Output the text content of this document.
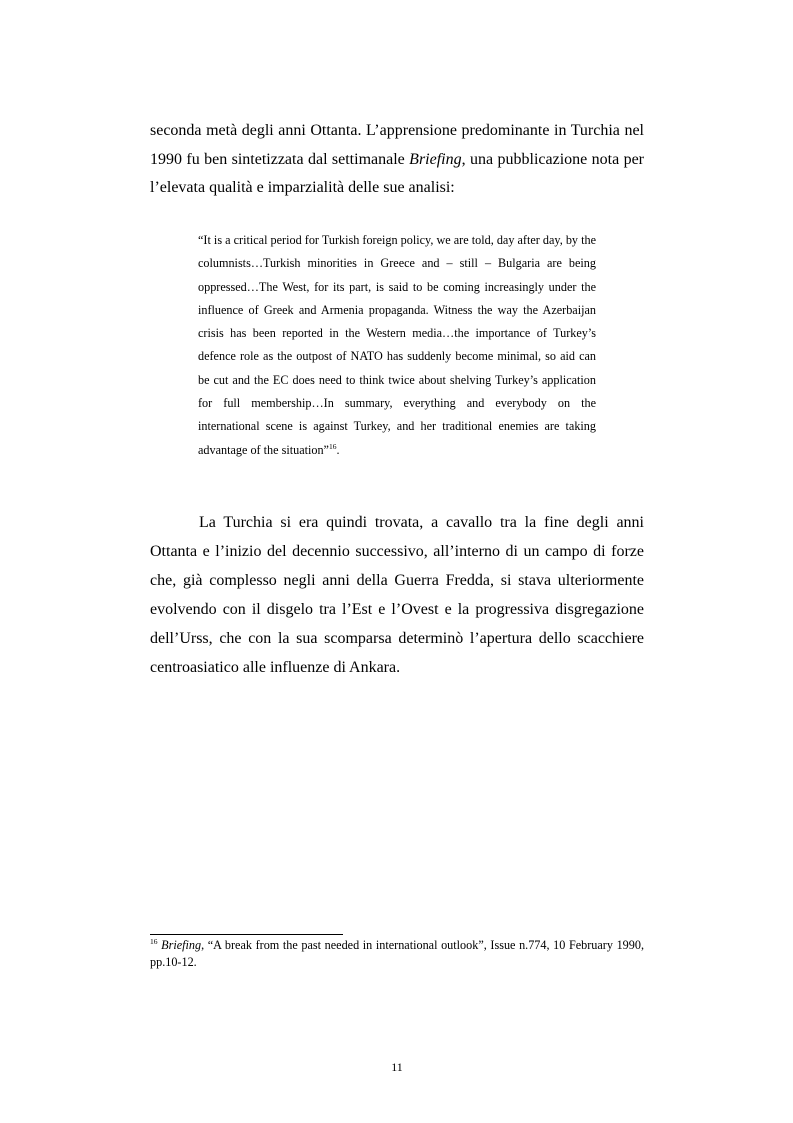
seconda metà degli anni Ottanta. L’apprensione predominante in Turchia nel 1990 fu ben sintetizzata dal settimanale Briefing, una pubblicazione nota per l’elevata qualità e imparzialità delle sue analisi:

“It is a critical period for Turkish foreign policy, we are told, day after day, by the columnists…Turkish minorities in Greece and – still – Bulgaria are being oppressed…The West, for its part, is said to be coming increasingly under the influence of Greek and Armenia propaganda. Witness the way the Azerbaijan crisis has been reported in the Western media…the importance of Turkey’s defence role as the outpost of NATO has suddenly become minimal, so aid can be cut and the EC does need to think twice about shelving Turkey’s application for full membership…In summary, everything and everybody on the international scene is against Turkey, and her traditional enemies are taking advantage of the situation”$^{16}$.

La Turchia si era quindi trovata, a cavallo tra la fine degli anni Ottanta e l’inizio del decennio successivo, all’interno di un campo di forze che, già complesso negli anni della Guerra Fredda, si stava ulteriormente evolvendo con il disgelo tra l’Est e l’Ovest e la progressiva disgregazione dell’Urss, che con la sua scomparsa determinò l’apertura dello scacchiere centroasiatico alle influenze di Ankara.

$^{16}$ Briefing, “A break from the past needed in international outlook”, Issue n.774, 10 February 1990, pp.10-12.

11
